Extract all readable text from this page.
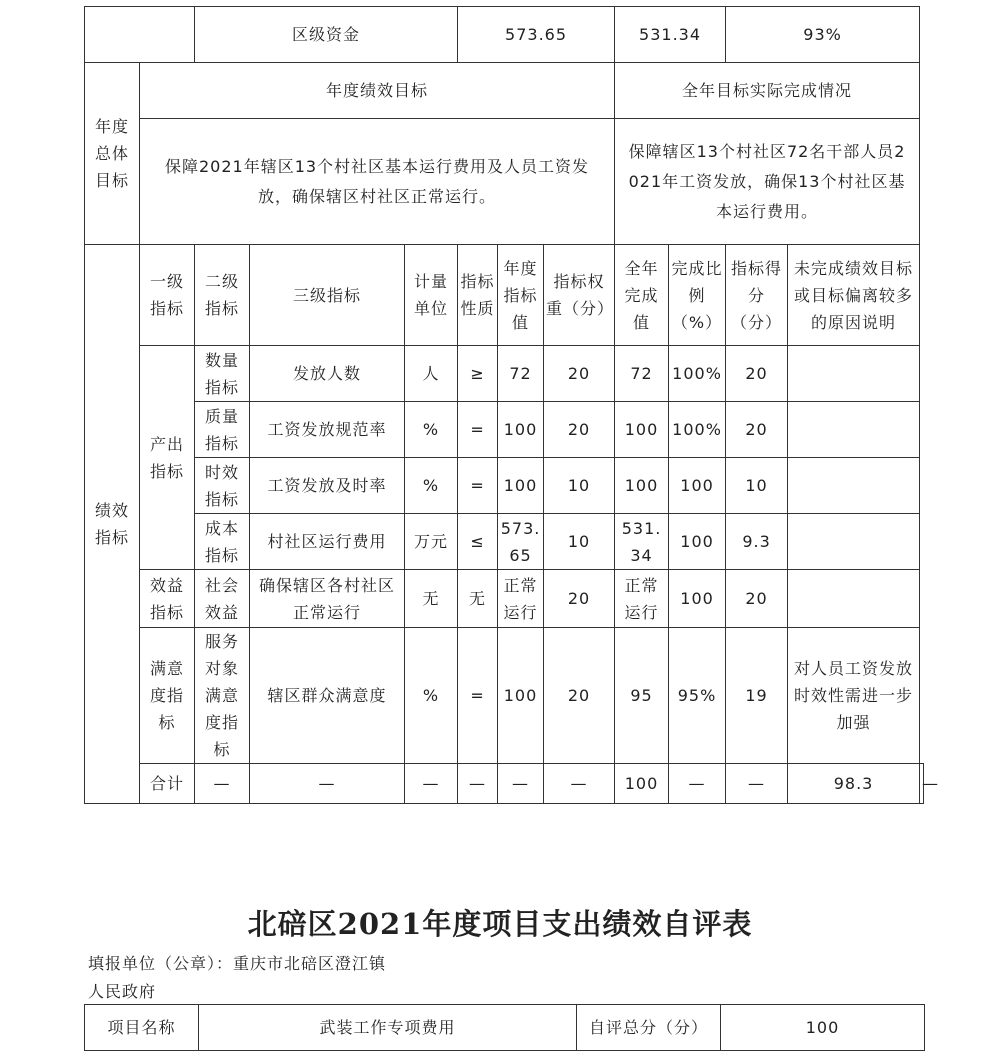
		区级资金			573.65			531.34		93%		
年度总体目标	年度绩效目标							全年目标实际完成情况				
	保障2021年辖区13个村社区基本运行费用及人员工资发放，确保辖区村社区正常运行。							保障辖区13个村社区72名干部人员2021年工资发放，确保13个村社区基本运行费用。				
绩效指标	一级指标	二级指标	三级指标	计量单位	指标性质	年度指标值	指标权重（分）	全年完成值	完成比例（%）	指标得分（分）	未完成绩效目标或目标偏离较多的原因说明	
	产出指标	数量指标	发放人数	人	≥	72	20	72	100%	20		
		质量指标	工资发放规范率	%	=	100	20	100	100%	20		
		时效指标	工资发放及时率	%	=	100	10	100	100	10		
		成本指标	村社区运行费用	万元	≤	573.65	10	531.34	100	9.3		
	效益指标	社会效益	确保辖区各村社区正常运行	无	无	正常运行	20	正常运行	100	20		
	满意度指标	服务对象满意度指标	辖区群众满意度	%	=	100	20	95	95%	19	对人员工资发放时效性需进一步加强	
	合计	—	—	—	—	—	—	100	—	—	98.3	—
北碚区2021年度项目支出绩效自评表
填报单位（公章）：重庆市北碚区澄江镇人民政府
项目名称	武装工作专项费用	自评总分（分）	100
